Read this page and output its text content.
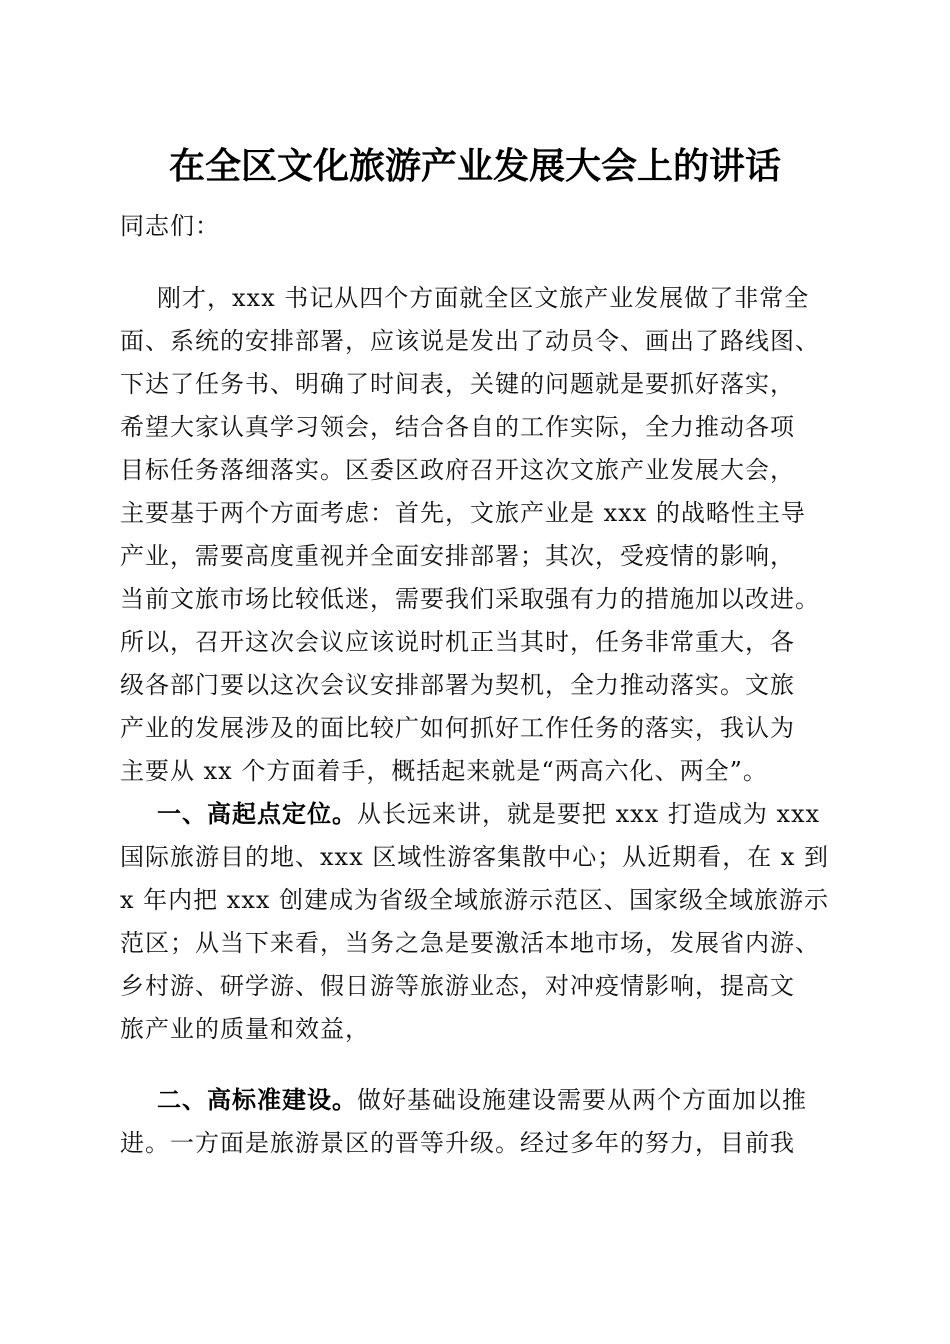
在全区文化旅游产业发展大会上的讲话
同志们：
刚才，xxx 书记从四个方面就全区文旅产业发展做了非常全
面、系统的安排部署，应该说是发出了动员令、画出了路线图、
下达了任务书、明确了时间表，关键的问题就是要抓好落实，
希望大家认真学习领会，结合各自的工作实际，全力推动各项
目标任务落细落实。区委区政府召开这次文旅产业发展大会，
主要基于两个方面考虑：首先，文旅产业是 xxx 的战略性主导
产业，需要高度重视并全面安排部署；其次，受疫情的影响，
当前文旅市场比较低迷，需要我们采取强有力的措施加以改进。
所以，召开这次会议应该说时机正当其时，任务非常重大，各
级各部门要以这次会议安排部署为契机，全力推动落实。文旅
产业的发展涉及的面比较广如何抓好工作任务的落实，我认为
主要从 xx 个方面着手，概括起来就是“两高六化、两全”。
一、高起点定位。从长远来讲，就是要把 xxx 打造成为 xxx
国际旅游目的地、xxx 区域性游客集散中心；从近期看，在 x 到
x 年内把 xxx 创建成为省级全域旅游示范区、国家级全域旅游示
范区；从当下来看，当务之急是要激活本地市场，发展省内游、
乡村游、研学游、假日游等旅游业态，对冲疫情影响，提高文
旅产业的质量和效益，
二、高标准建设。做好基础设施建设需要从两个方面加以推
进。一方面是旅游景区的晋等升级。经过多年的努力，目前我
